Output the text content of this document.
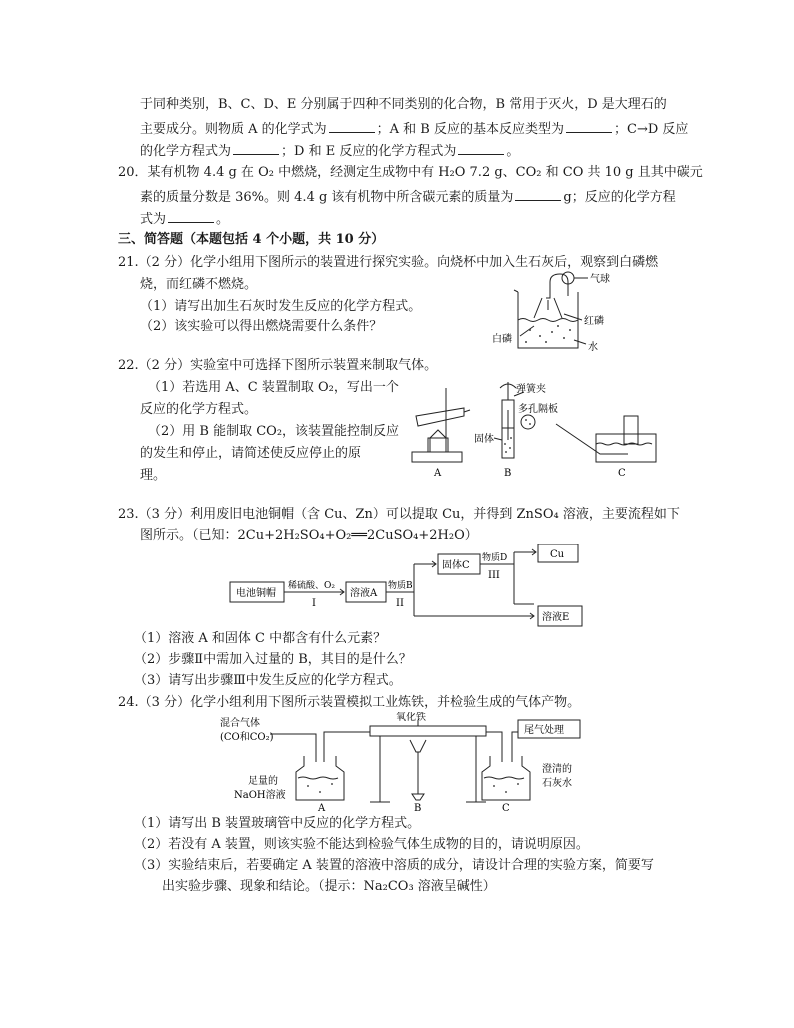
于同种类别，B、C、D、E 分别属于四种不同类别的化合物，B 常用于灭火，D 是大理石的
主要成分。则物质 A 的化学式为	；A 和 B 反应的基本反应类型为	；C→D 反应
的化学方程式为	；D 和 E 反应的化学方程式为	。
20．某有机物 4.4 g 在 O₂ 中燃烧，经测定生成物中有 H₂O 7.2 g、CO₂ 和 CO 共 10 g 且其中碳元
素的质量分数是 36%。则 4.4 g 该有机物中所含碳元素的质量为	g；反应的化学方程
式为	。
三、简答题（本题包括 4 个小题，共 10 分）
21.（2 分）化学小组用下图所示的装置进行探究实验。向烧杯中加入生石灰后，观察到白磷燃
烧，而红磷不燃烧。
（1）请写出加生石灰时发生反应的化学方程式。
（2）该实验可以得出燃烧需要什么条件？
气球
红磷
白磷
水
22.（2 分）实验室中可选择下图所示装置来制取气体。
（1）若选用 A、C 装置制取 O₂，写出一个
反应的化学方程式。
（2）用 B 能制取 CO₂，该装置能控制反应
的发生和停止，请简述使反应停止的原
理。
弹簧夹
多孔隔板
固体
A	B	C
23.（3 分）利用废旧电池铜帽（含 Cu、Zn）可以提取 Cu，并得到 ZnSO₄ 溶液，主要流程如下
图所示。（已知：2Cu+2H₂SO₄+O₂══2CuSO₄+2H₂O）
电池铜帽
稀硫酸、O₂
I
溶液A
物质B
II
固体C
物质D
III
Cu
溶液E
（1）溶液 A 和固体 C 中都含有什么元素？
（2）步骤Ⅱ中需加入过量的 B，其目的是什么？
（3）请写出步骤Ⅲ中发生反应的化学方程式。
24.（3 分）化学小组利用下图所示装置模拟工业炼铁，并检验生成的气体产物。
混合气体
(CO和CO₂)
氧化铁
尾气处理
足量的
NaOH溶液
澄清的
石灰水
A	B	C
（1）请写出 B 装置玻璃管中反应的化学方程式。
（2）若没有 A 装置，则该实验不能达到检验气体生成物的目的，请说明原因。
（3）实验结束后，若要确定 A 装置的溶液中溶质的成分，请设计合理的实验方案，简要写
出实验步骤、现象和结论。（提示：Na₂CO₃ 溶液呈碱性）
